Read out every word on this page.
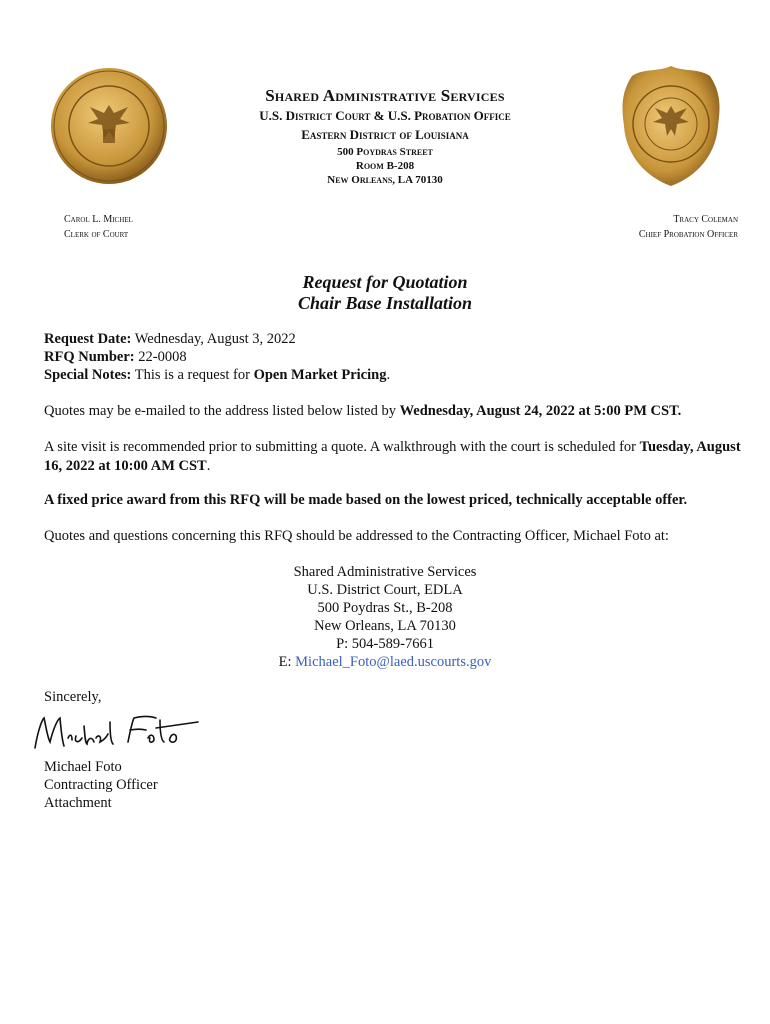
Shared Administrative Services
U.S. District Court & U.S. Probation Office
Eastern District of Louisiana
500 Poydras Street
Room B-208
New Orleans, LA 70130
Carol L. Michel
Clerk of Court
Tracy Coleman
Chief Probation Officer
Request for Quotation
Chair Base Installation
Request Date: Wednesday, August 3, 2022
RFQ Number: 22-0008
Special Notes: This is a request for Open Market Pricing.
Quotes may be e-mailed to the address listed below listed by Wednesday, August 24, 2022 at 5:00 PM CST.
A site visit is recommended prior to submitting a quote. A walkthrough with the court is scheduled for Tuesday, August 16, 2022 at 10:00 AM CST.
A fixed price award from this RFQ will be made based on the lowest priced, technically acceptable offer.
Quotes and questions concerning this RFQ should be addressed to the Contracting Officer, Michael Foto at:
Shared Administrative Services
U.S. District Court, EDLA
500 Poydras St., B-208
New Orleans, LA 70130
P: 504-589-7661
E: Michael_Foto@laed.uscourts.gov
Sincerely,
Michael Foto
Contracting Officer
Attachment
